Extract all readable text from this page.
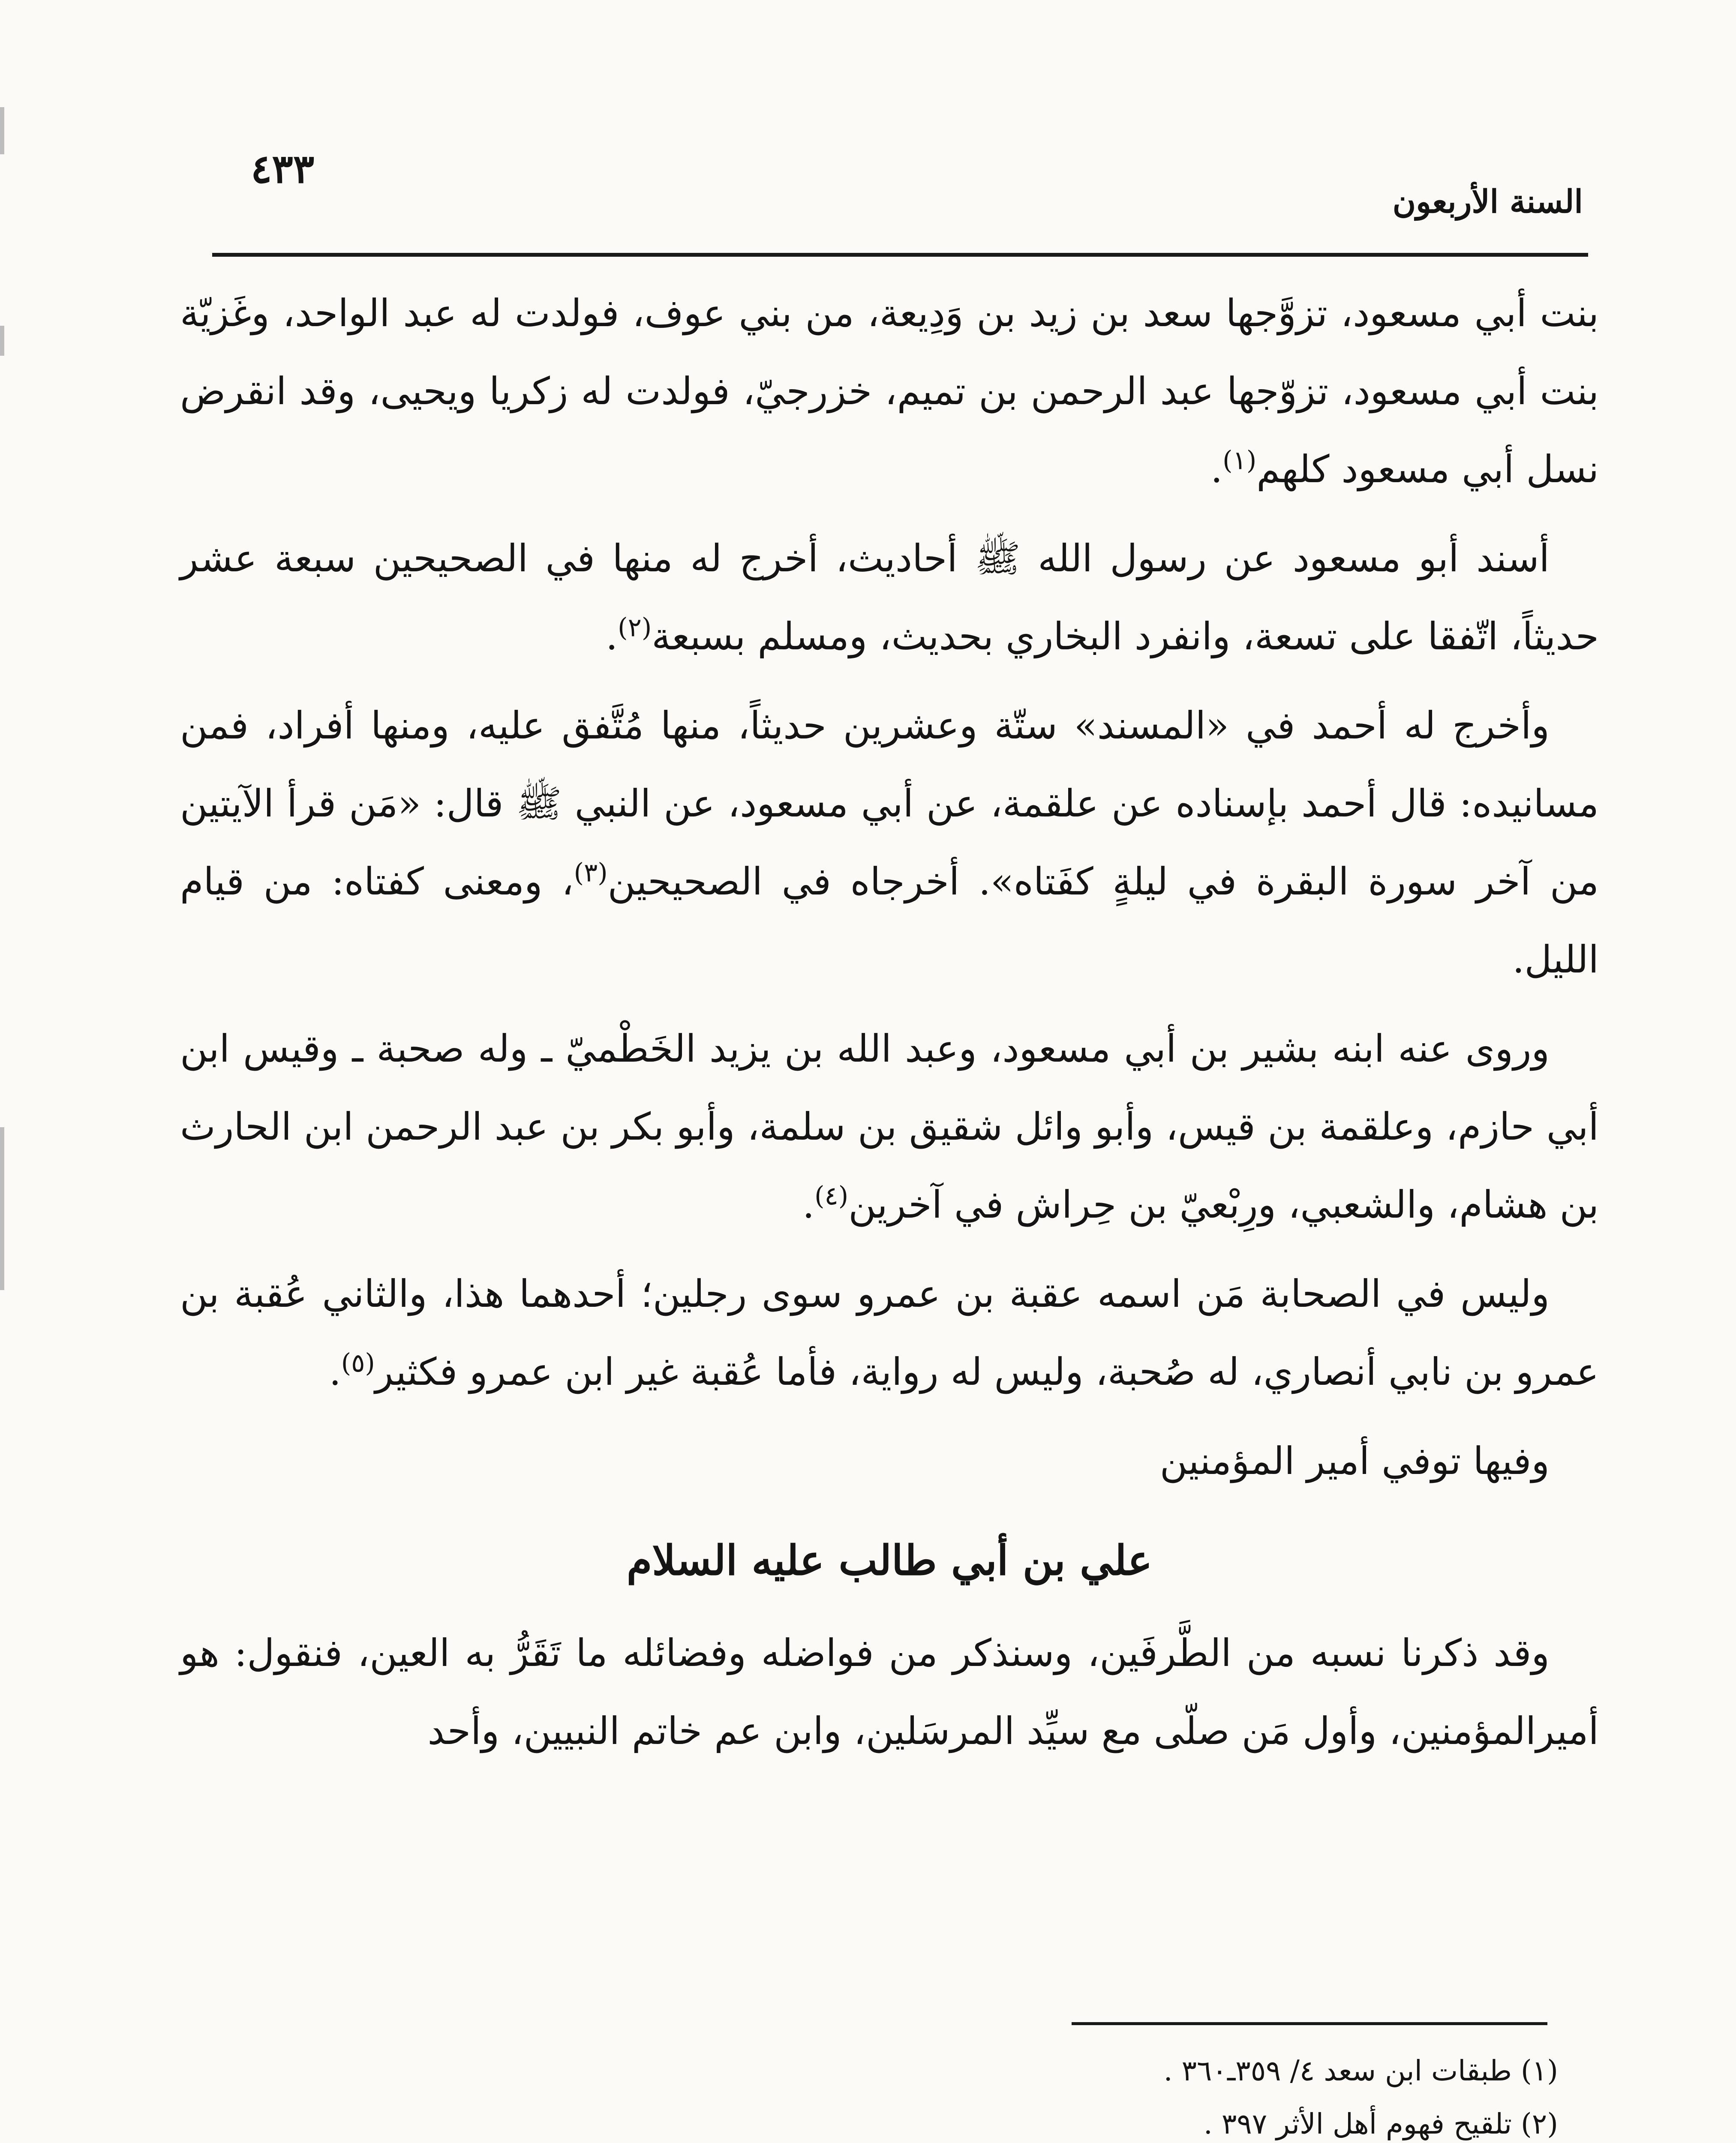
٤٣٣
السنة الأربعون

بنت أبي مسعود، تزوَّجها سعد بن زيد بن وَدِيعة، من بني عوف، فولدت له عبد الواحد، وغَزيّة بنت أبي مسعود، تزوّجها عبد الرحمن بن تميم، خزرجيّ، فولدت له زكريا ويحيى، وقد انقرض نسل أبي مسعود كلهم$^{(١)}$.

أسند أبو مسعود عن رسول الله ﷺ أحاديث، أخرج له منها في الصحيحين سبعة عشر حديثاً، اتّفقا على تسعة، وانفرد البخاري بحديث، ومسلم بسبعة$^{(٢)}$.

وأخرج له أحمد في «المسند» ستّة وعشرين حديثاً، منها مُتَّفق عليه، ومنها أفراد، فمن مسانيده: قال أحمد بإسناده عن علقمة، عن أبي مسعود، عن النبي ﷺ قال: «مَن قرأ الآيتين من آخر سورة البقرة في ليلةٍ كفَتاه». أخرجاه في الصحيحين$^{(٣)}$، ومعنى كفتاه: من قيام الليل.

وروى عنه ابنه بشير بن أبي مسعود، وعبد الله بن يزيد الخَطْميّ ـ وله صحبة ـ وقيس ابن أبي حازم، وعلقمة بن قيس، وأبو وائل شقيق بن سلمة، وأبو بكر بن عبد الرحمن ابن الحارث بن هشام، والشعبي، ورِبْعيّ بن حِراش في آخرين$^{(٤)}$.

وليس في الصحابة مَن اسمه عقبة بن عمرو سوى رجلين؛ أحدهما هذا، والثاني عُقبة بن عمرو بن نابي أنصاري، له صُحبة، وليس له رواية، فأما عُقبة غير ابن عمرو فكثير$^{(٥)}$.

وفيها توفي أمير المؤمنين

علي بن أبي طالب عليه السلام

وقد ذكرنا نسبه من الطَّرفَين، وسنذكر من فواضله وفضائله ما تَقَرُّ به العين، فنقول: هو أميرالمؤمنين، وأول مَن صلّى مع سيِّد المرسَلين، وابن عم خاتم النبيين، وأحد

(١) طبقات ابن سعد ٤/ ٣٥٩ـ٣٦٠ .

(٢) تلقيح فهوم أهل الأثر ٣٩٧ .
